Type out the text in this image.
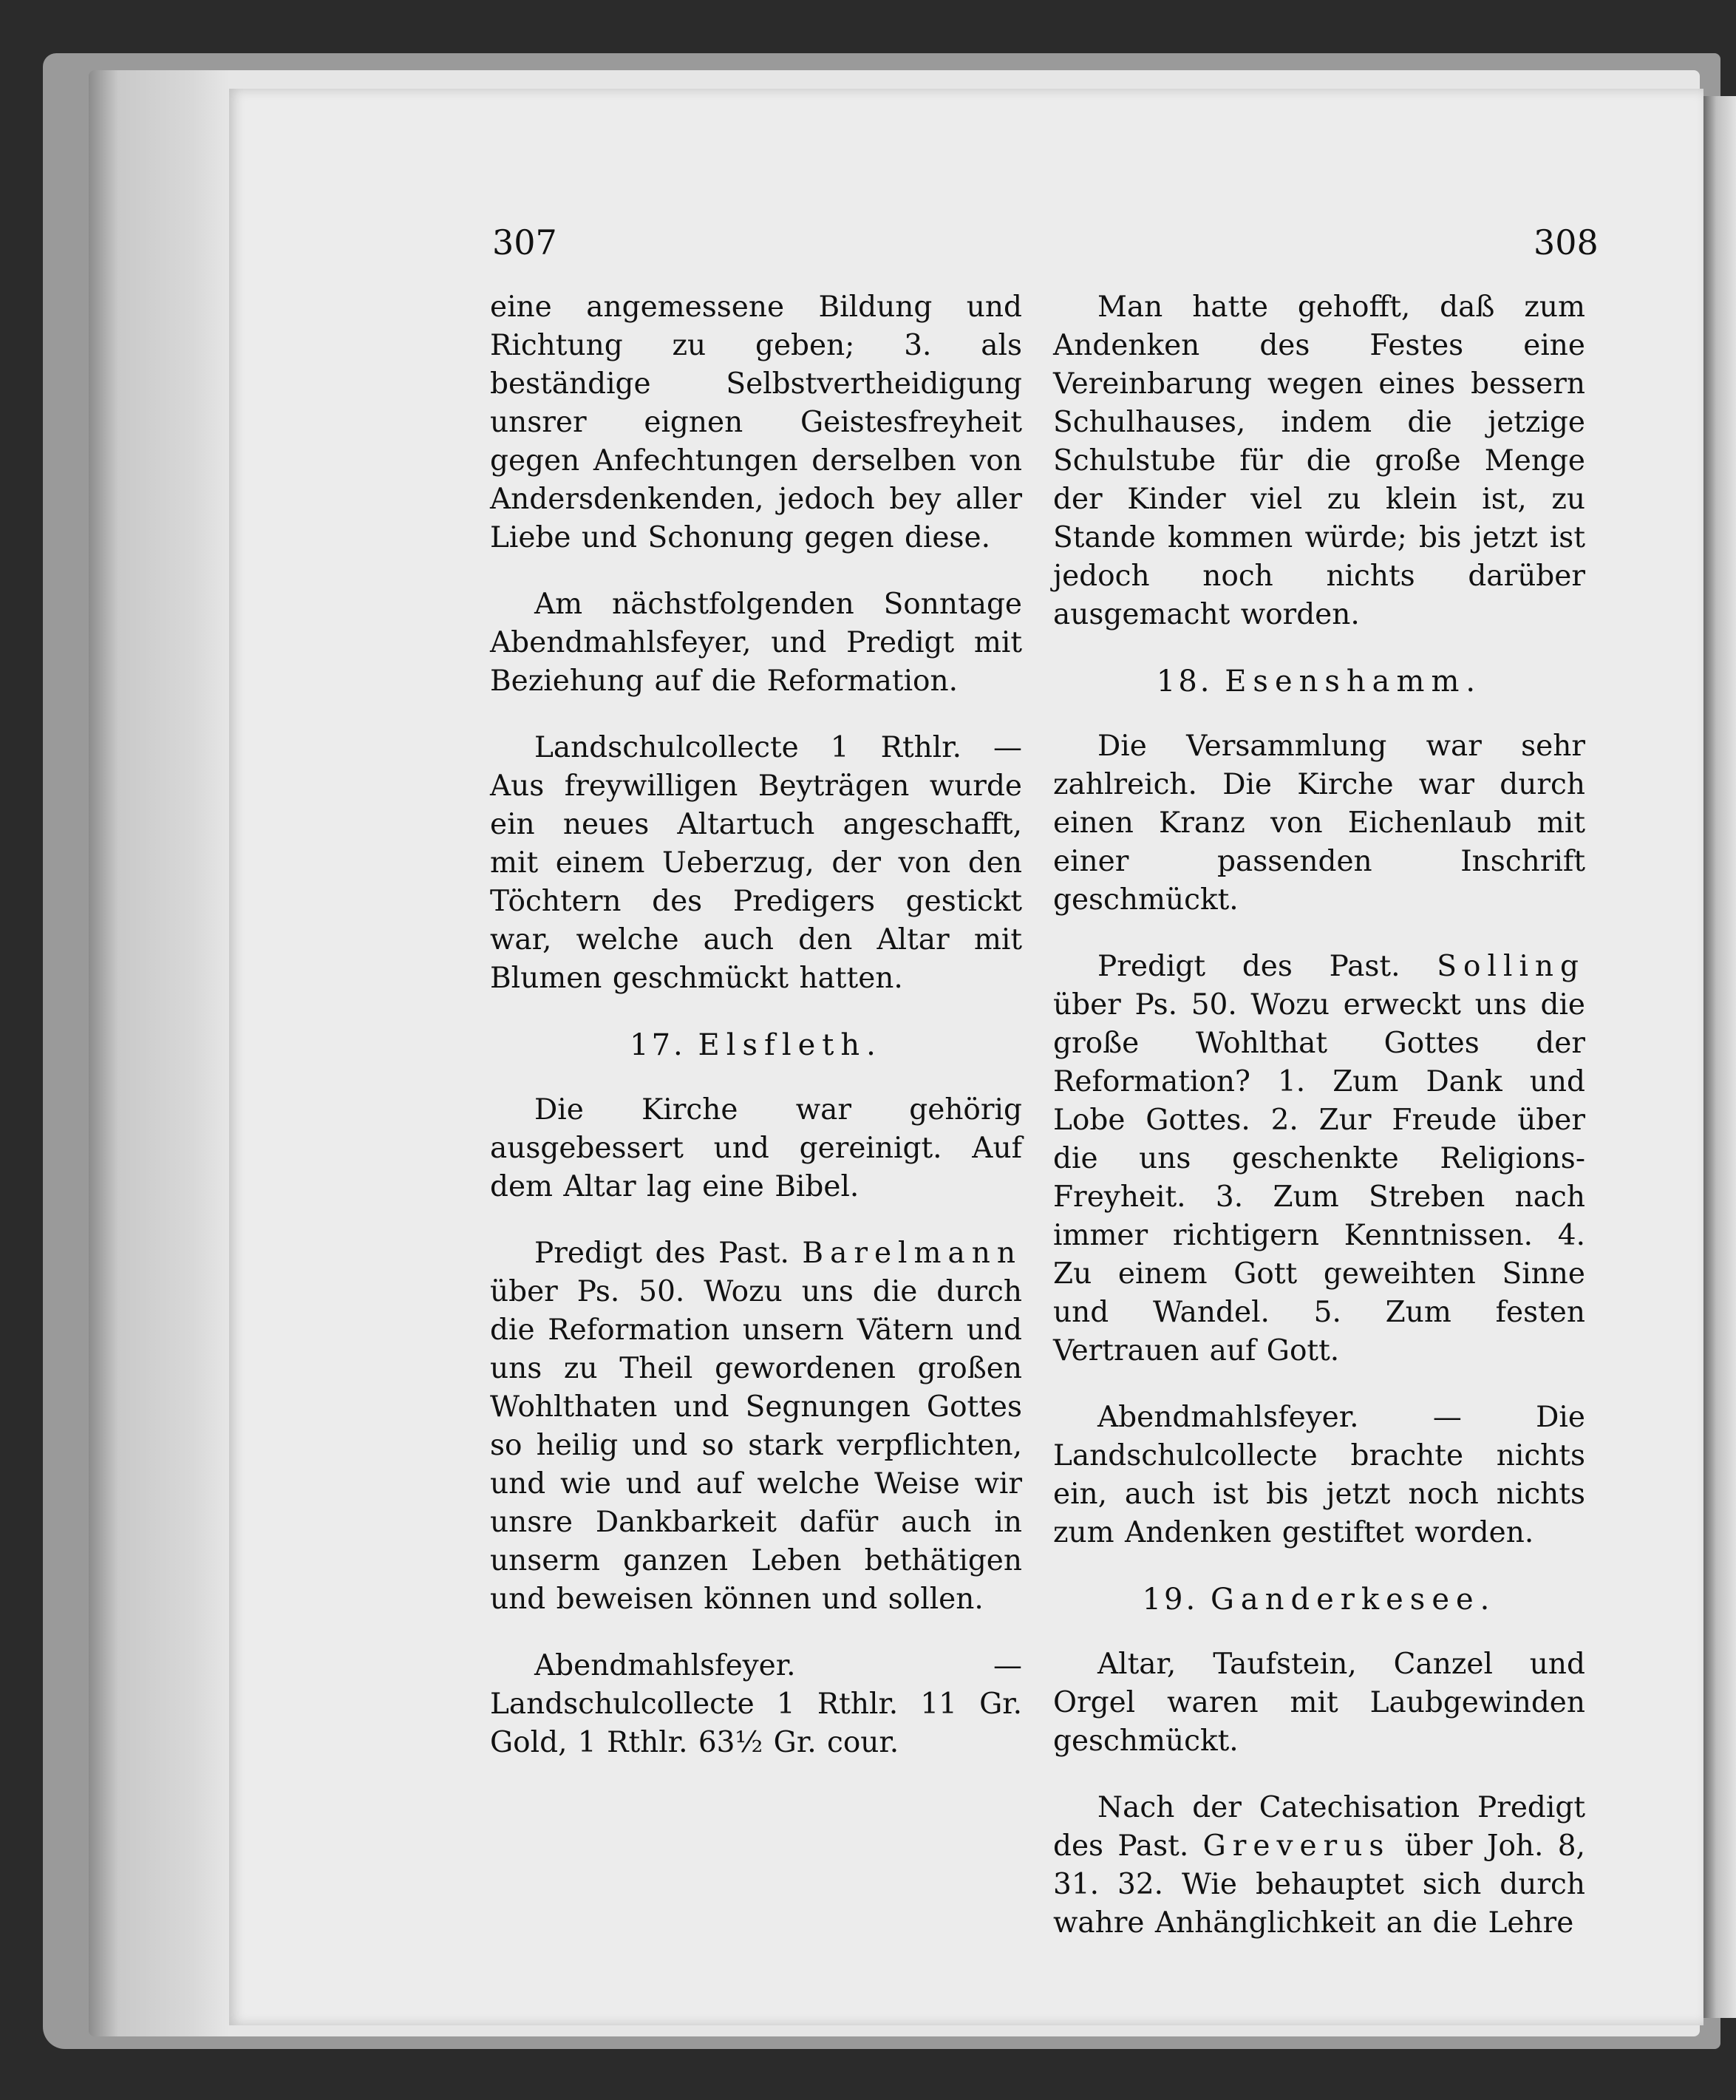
307	308

eine angemessene Bildung und Richtung zu geben; 3. als beständige Selbstvertheidigung unsrer eignen Geistesfreyheit gegen Anfechtungen derselben von Andersdenkenden, jedoch bey aller Liebe und Schonung gegen diese.

Am nächstfolgenden Sonntage Abendmahlsfeyer, und Predigt mit Beziehung auf die Reformation.

Landschulcollecte 1 Rthlr. — Aus freywilligen Beyträgen wurde ein neues Altartuch angeschafft, mit einem Ueberzug, der von den Töchtern des Predigers gestickt war, welche auch den Altar mit Blumen geschmückt hatten.

17. Elsfleth.

Die Kirche war gehörig ausgebessert und gereinigt. Auf dem Altar lag eine Bibel.

Predigt des Past. Barelmann über Ps. 50. Wozu uns die durch die Reformation unsern Vätern und uns zu Theil gewordenen großen Wohlthaten und Segnungen Gottes so heilig und so stark verpflichten, und wie und auf welche Weise wir unsre Dankbarkeit dafür auch in unserm ganzen Leben bethätigen und beweisen können und sollen.

Abendmahlsfeyer. — Landschulcollecte 1 Rthlr. 11 Gr. Gold, 1 Rthlr. 63½ Gr. cour.

Man hatte gehofft, daß zum Andenken des Festes eine Vereinbarung wegen eines bessern Schulhauses, indem die jetzige Schulstube für die große Menge der Kinder viel zu klein ist, zu Stande kommen würde; bis jetzt ist jedoch noch nichts darüber ausgemacht worden.

18. Esenshamm.

Die Versammlung war sehr zahlreich. Die Kirche war durch einen Kranz von Eichenlaub mit einer passenden Inschrift geschmückt.

Predigt des Past. Solling über Ps. 50. Wozu erweckt uns die große Wohlthat Gottes der Reformation? 1. Zum Dank und Lobe Gottes. 2. Zur Freude über die uns geschenkte Religions-Freyheit. 3. Zum Streben nach immer richtigern Kenntnissen. 4. Zu einem Gott geweihten Sinne und Wandel. 5. Zum festen Vertrauen auf Gott.

Abendmahlsfeyer. — Die Landschulcollecte brachte nichts ein, auch ist bis jetzt noch nichts zum Andenken gestiftet worden.

19. Ganderkesee.

Altar, Taufstein, Canzel und Orgel waren mit Laubgewinden geschmückt.

Nach der Catechisation Predigt des Past. Greverus über Joh. 8, 31. 32. Wie behauptet sich durch wahre Anhänglichkeit an die Lehre
